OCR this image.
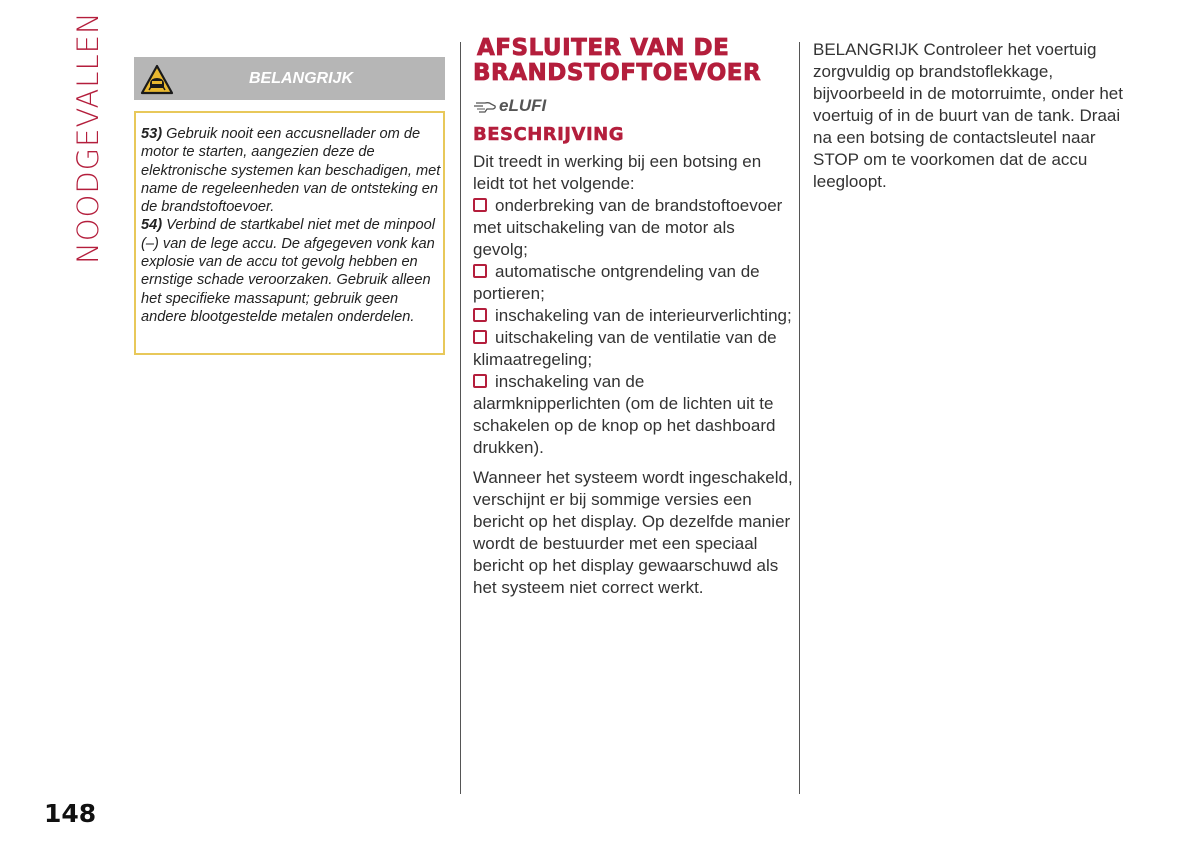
NOODGEVALLEN	BELANGRIJK
53) Gebruik nooit een accusnellader om de motor te starten, aangezien deze de elektronische systemen kan beschadigen, met name de regeleenheden van de ontsteking en de brandstoftoevoer.
54) Verbind de startkabel niet met de minpool (–) van de lege accu. De afgegeven vonk kan explosie van de accu tot gevolg hebben en ernstige schade veroorzaken. Gebruik alleen het specifieke massapunt; gebruik geen andere blootgestelde metalen onderdelen.
AFSLUITER VAN DE
BRANDSTOFTOEVOER
eLUFI
BESCHRIJVING

Dit treedt in werking bij een botsing en leidt tot het volgende:

onderbreking van de brandstoftoevoer met uitschakeling van de motor als gevolg;

automatische ontgrendeling van de portieren;

inschakeling van de interieurverlichting;

uitschakeling van de ventilatie van de klimaatregeling;

inschakeling van de alarmknipperlichten (om de lichten uit te schakelen op de knop op het dashboard drukken).

Wanneer het systeem wordt ingeschakeld, verschijnt er bij sommige versies een bericht op het display. Op dezelfde manier wordt de bestuurder met een speciaal bericht op het display gewaarschuwd als het systeem niet correct werkt.

BELANGRIJK Controleer het voertuig zorgvuldig op brandstoflekkage, bijvoorbeeld in de motorruimte, onder het voertuig of in de buurt van de tank. Draai na een botsing de contactsleutel naar STOP om te voorkomen dat de accu leegloopt.

148
